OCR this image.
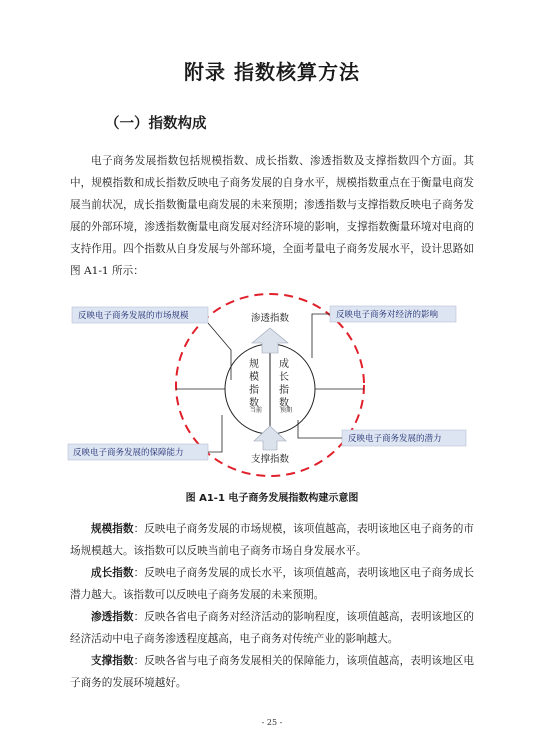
附录 指数核算方法
（一）指数构成

电子商务发展指数包括规模指数、成长指数、渗透指数及支撑指数四个方面。其中，规模指数和成长指数反映电子商务发展的自身水平，规模指数重点在于衡量电商发展当前状况，成长指数衡量电商发展的未来预期；渗透指数与支撑指数反映电子商务发展的外部环境，渗透指数衡量电商发展对经济环境的影响，支撑指数衡量环境对电商的支持作用。四个指数从自身发展与外部环境，全面考量电子商务发展水平，设计思路如图 A1-1 所示：

渗透指数
支撑指数
规
模
指
数
成
长
指
数
当前	预期
反映电子商务发展的市场规模	反映电子商务对经济的影响
反映电子商务发展的保障能力
反映电子商务发展的潜力
图 A1-1 电子商务发展指数构建示意图

规模指数：反映电子商务发展的市场规模，该项值越高，表明该地区电子商务的市场规模越大。该指数可以反映当前电子商务市场自身发展水平。

成长指数：反映电子商务发展的成长水平，该项值越高，表明该地区电子商务成长潜力越大。该指数可以反映电子商务发展的未来预期。

渗透指数：反映各省电子商务对经济活动的影响程度，该项值越高，表明该地区的经济活动中电子商务渗透程度越高，电子商务对传统产业的影响越大。

支撑指数：反映各省与电子商务发展相关的保障能力，该项值越高，表明该地区电子商务的发展环境越好。

- 25 -
